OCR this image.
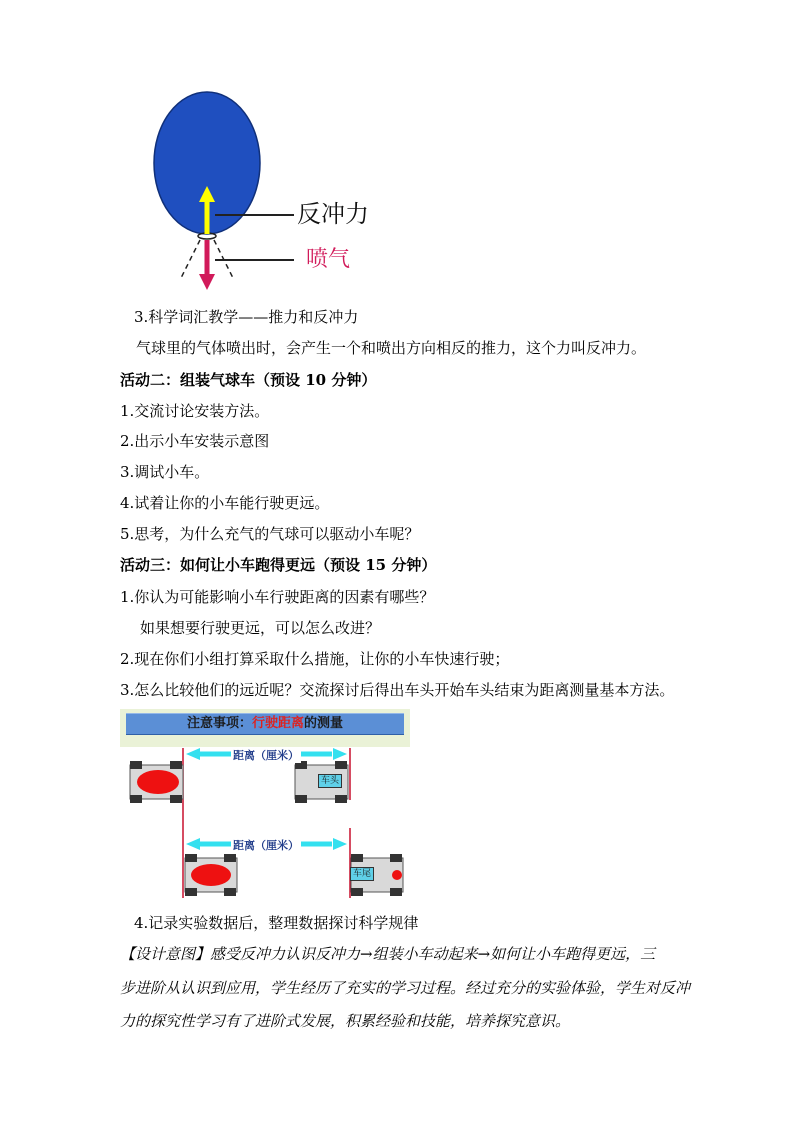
反冲力
喷气
3.科学词汇教学——推力和反冲力
气球里的气体喷出时，会产生一个和喷出方向相反的推力，这个力叫反冲力。
活动二：组装气球车（预设 10 分钟）
1.交流讨论安装方法。
2.出示小车安装示意图
3.调试小车。
4.试着让你的小车能行驶更远。
5.思考，为什么充气的气球可以驱动小车呢？
活动三：如何让小车跑得更远（预设 15 分钟）
1.你认为可能影响小车行驶距离的因素有哪些？
如果想要行驶更远，可以怎么改进？
2.现在你们小组打算采取什么措施，让你的小车快速行驶；
3.怎么比较他们的远近呢？交流探讨后得出车头开始车头结束为距离测量基本方法。
注意事项：行驶距离的测量
距离（厘米）
距离（厘米）
车头
车尾
4.记录实验数据后，整理数据探讨科学规律
【设计意图】感受反冲力认识反冲力→组装小车动起来→如何让小车跑得更远，三
步进阶从认识到应用，学生经历了充实的学习过程。经过充分的实验体验，学生对反冲
力的探究性学习有了进阶式发展，积累经验和技能，培养探究意识。
